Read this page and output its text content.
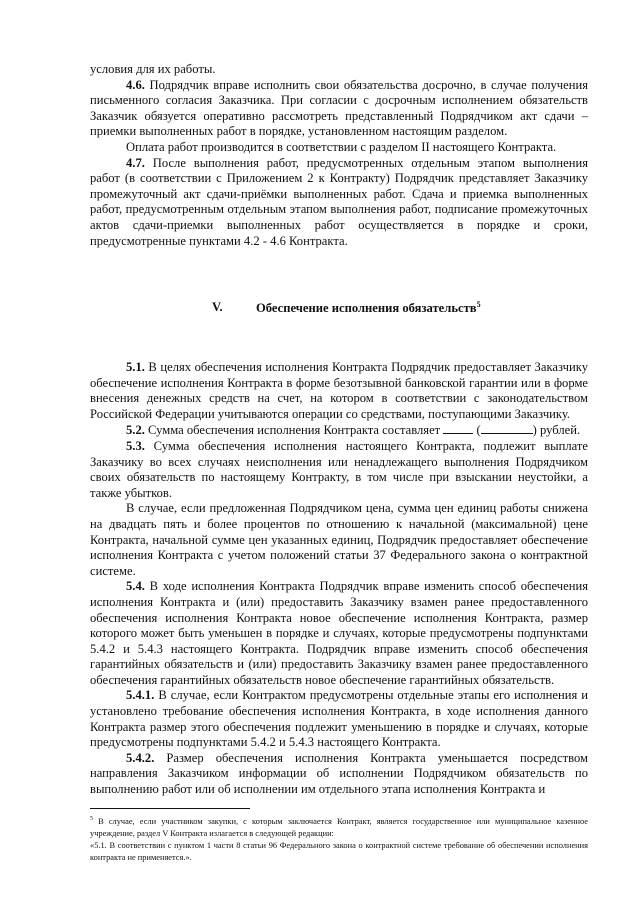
условия для их работы.

4.6. Подрядчик вправе исполнить свои обязательства досрочно, в случае получения письменного согласия Заказчика. При согласии с досрочным исполнением обязательств Заказчик обязуется оперативно рассмотреть представленный Подрядчиком акт сдачи – приемки выполненных работ в порядке, установленном настоящим разделом.

Оплата работ производится в соответствии с разделом II настоящего Контракта.

4.7. После выполнения работ, предусмотренных отдельным этапом выполнения работ (в соответствии с Приложением 2 к Контракту) Подрядчик представляет Заказчику промежуточный акт сдачи-приёмки выполненных работ. Сдача и приемка выполненных работ, предусмотренным отдельным этапом выполнения работ, подписание промежуточных актов сдачи-приемки выполненных работ осуществляется в порядке и сроки, предусмотренные пунктами 4.2 - 4.6 Контракта.

V.	Обеспечение исполнения обязательств$^5$

5.1. В целях обеспечения исполнения Контракта Подрядчик предоставляет Заказчику обеспечение исполнения Контракта в форме безотзывной банковской гарантии или в форме внесения денежных средств на счет, на котором в соответствии с законодательством Российской Федерации учитываются операции со средствами, поступающими Заказчику.

5.2. Сумма обеспечения исполнения Контракта составляет  (	) рублей.

5.3. Сумма обеспечения исполнения настоящего Контракта, подлежит выплате Заказчику во всех случаях неисполнения или ненадлежащего выполнения Подрядчиком своих обязательств по настоящему Контракту, в том числе при взыскании неустойки, а также убытков.

В случае, если предложенная Подрядчиком цена, сумма цен единиц работы снижена на двадцать пять и более процентов по отношению к начальной (максимальной) цене Контракта, начальной сумме цен указанных единиц, Подрядчик предоставляет обеспечение исполнения Контракта с учетом положений статьи 37 Федерального закона о контрактной системе.

5.4. В ходе исполнения Контракта Подрядчик вправе изменить способ обеспечения исполнения Контракта и (или) предоставить Заказчику взамен ранее предоставленного обеспечения исполнения Контракта новое обеспечение исполнения Контракта, размер которого может быть уменьшен в порядке и случаях, которые предусмотрены подпунктами 5.4.2 и 5.4.3 настоящего Контракта. Подрядчик вправе изменить способ обеспечения гарантийных обязательств и (или) предоставить Заказчику взамен ранее предоставленного обеспечения гарантийных обязательств новое обеспечение гарантийных обязательств.

5.4.1. В случае, если Контрактом предусмотрены отдельные этапы его исполнения и установлено требование обеспечения исполнения Контракта, в ходе исполнения данного Контракта размер этого обеспечения подлежит уменьшению в порядке и случаях, которые предусмотрены подпунктами 5.4.2 и 5.4.3 настоящего Контракта.

5.4.2. Размер обеспечения исполнения Контракта уменьшается посредством направления Заказчиком информации об исполнении Подрядчиком обязательств по выполнению работ или об исполнении им отдельного этапа исполнения Контракта и

$^5$ В случае, если участником закупки, с которым заключается Контракт, является государственное или муниципальное казенное учреждение, раздел V Контракта излагается в следующей редакции:

«5.1. В соответствии с пунктом 1 части 8 статьи 96 Федерального закона о контрактной системе требование об обеспечении исполнения контракта не применяется.».
